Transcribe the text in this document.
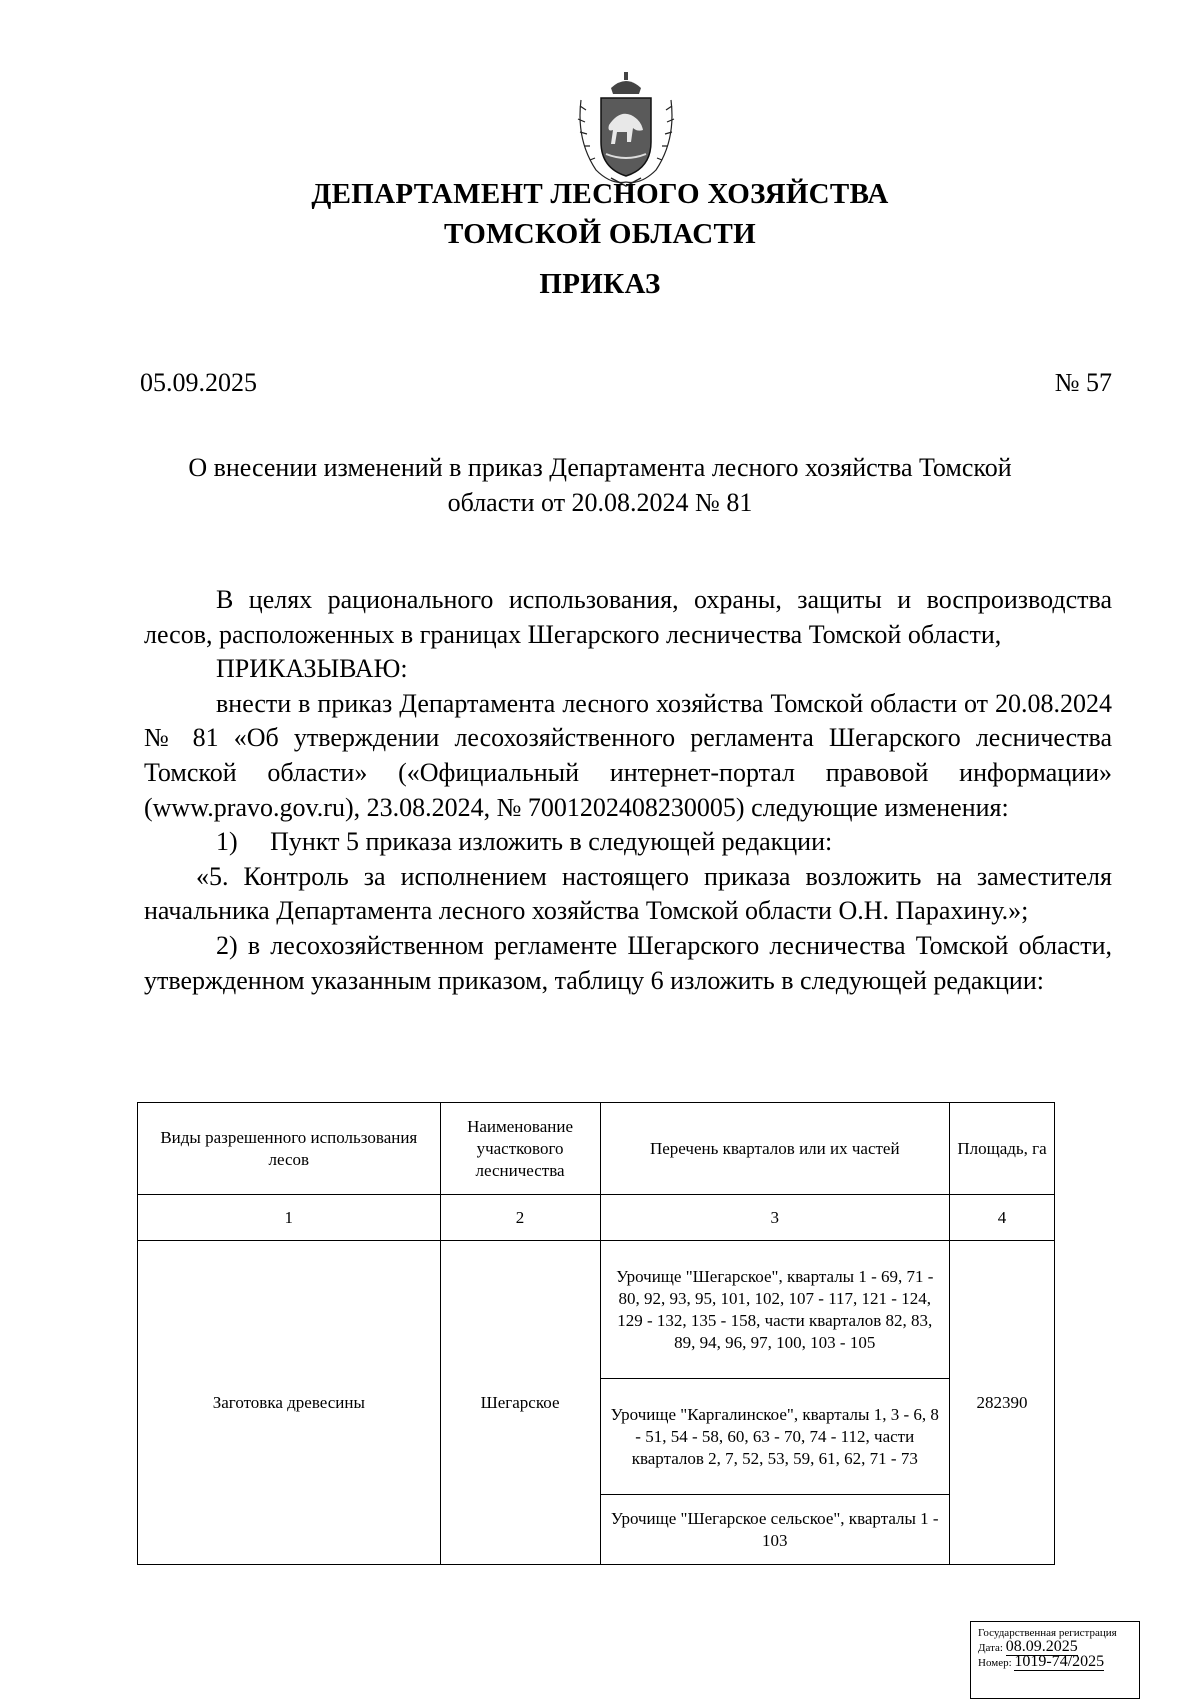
ДЕПАРТАМЕНТ ЛЕСНОГО ХОЗЯЙСТВА
ТОМСКОЙ ОБЛАСТИ
ПРИКАЗ
05.09.2025	№ 57
О внесении изменений в приказ Департамента лесного хозяйства Томской
области от 20.08.2024 № 81

В целях рационального использования, охраны, защиты и воспроизводства лесов, расположенных в границах Шегарского лесничества Томской области,

ПРИКАЗЫВАЮ:

внести в приказ Департамента лесного хозяйства Томской области от 20.08.2024 № 81 «Об утверждении лесохозяйственного регламента Шегарского лесничества Томской области» («Официальный интернет-портал правовой информации» (www.pravo.gov.ru), 23.08.2024, № 7001202408230005) следующие изменения:

1)     Пункт 5 приказа изложить в следующей редакции:

«5. Контроль за исполнением настоящего приказа возложить на заместителя начальника Департамента лесного хозяйства Томской области О.Н. Парахину.»;

2) в лесохозяйственном регламенте Шегарского лесничества Томской области, утвержденном указанным приказом, таблицу 6 изложить в следующей редакции:

Виды разрешенного использования лесов	Наименование участкового лесничества	Перечень кварталов или их частей	Площадь, га
1	2	3	4
Заготовка древесины	Шегарское	Урочище "Шегарское", кварталы 1 - 69, 71 - 80, 92, 93, 95, 101, 102, 107 - 117, 121 - 124, 129 - 132, 135 - 158, части кварталов 82, 83, 89, 94, 96, 97, 100, 103 - 105	282390
		Урочище "Каргалинское", кварталы 1, 3 - 6, 8 - 51, 54 - 58, 60, 63 - 70, 74 - 112, части кварталов 2, 7, 52, 53, 59, 61, 62, 71 - 73	
		Урочище "Шегарское сельское", кварталы 1 - 103	
Государственная регистрация
Дата: 08.09.2025
Номер: 1019-74/2025
